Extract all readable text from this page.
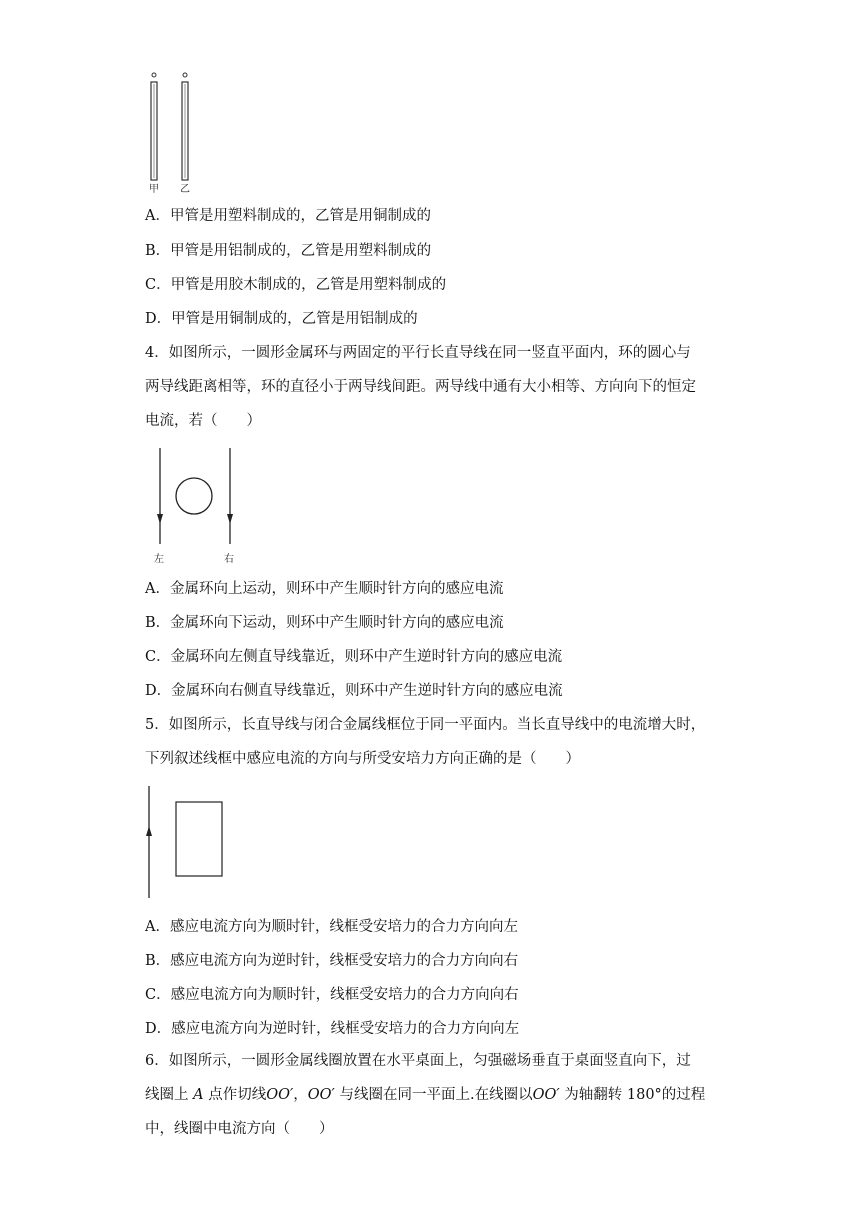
甲 乙
A．甲管是用塑料制成的，乙管是用铜制成的
B．甲管是用铝制成的，乙管是用塑料制成的
C．甲管是用胶木制成的，乙管是用塑料制成的
D．甲管是用铜制成的，乙管是用铝制成的
4．如图所示，一圆形金属环与两固定的平行长直导线在同一竖直平面内，环的圆心与
两导线距离相等，环的直径小于两导线间距。两导线中通有大小相等、方向向下的恒定
电流，若（　　）
左	右
A．金属环向上运动，则环中产生顺时针方向的感应电流
B．金属环向下运动，则环中产生顺时针方向的感应电流
C．金属环向左侧直导线靠近，则环中产生逆时针方向的感应电流
D．金属环向右侧直导线靠近，则环中产生逆时针方向的感应电流
5．如图所示，长直导线与闭合金属线框位于同一平面内。当长直导线中的电流增大时，
下列叙述线框中感应电流的方向与所受安培力方向正确的是（　　）
A．感应电流方向为顺时针，线框受安培力的合力方向向左
B．感应电流方向为逆时针，线框受安培力的合力方向向右
C．感应电流方向为顺时针，线框受安培力的合力方向向右
D．感应电流方向为逆时针，线框受安培力的合力方向向左
6．如图所示，一圆形金属线圈放置在水平桌面上，匀强磁场垂直于桌面竖直向下，过
线圈上 A 点作切线OO′，OO′ 与线圈在同一平面上.在线圈以OO′ 为轴翻转 180°的过程
中，线圈中电流方向（　　）
